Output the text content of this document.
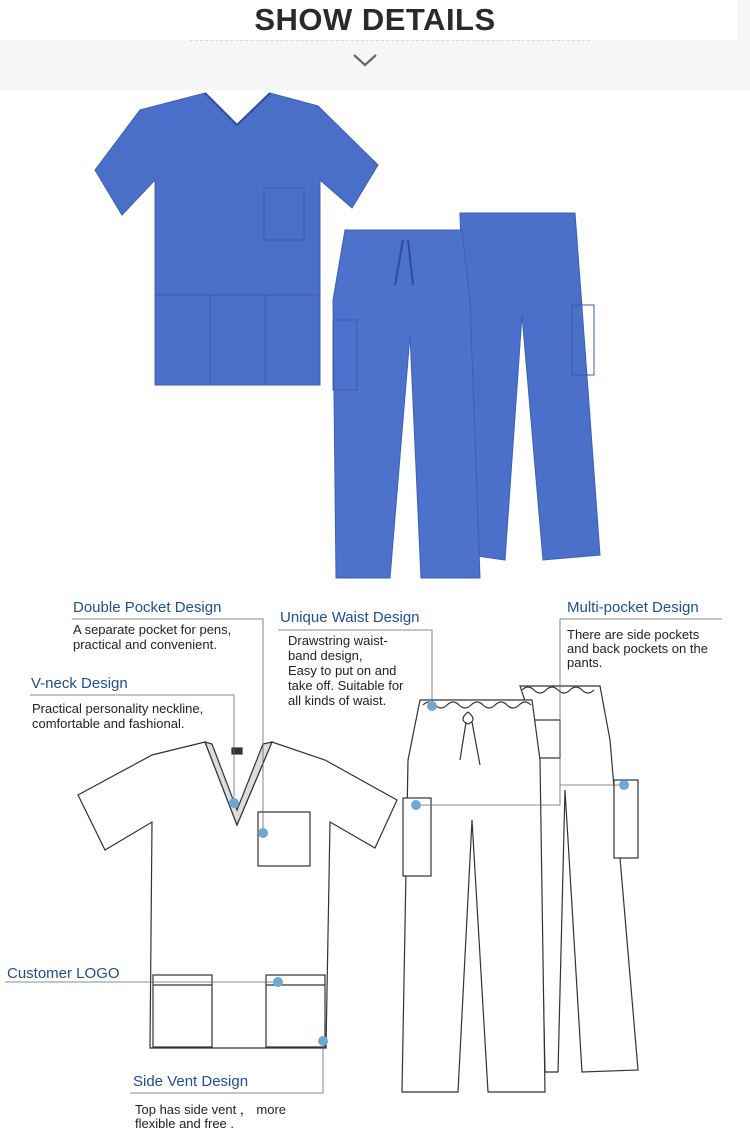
SHOW DETAILS
Double Pocket Design
A separate pocket for pens,
practical and convenient.
Unique Waist Design
Drawstring waist-
band design,
Easy to put on and
take off. Suitable for
all kinds of waist.
Multi-pocket Design
There are side pockets
and back pockets on the
pants.
V-neck Design
Practical personality neckline,
comfortable and fashional.
Customer LOGO
Side Vent Design
Top has side vent ， more
flexible and free .
